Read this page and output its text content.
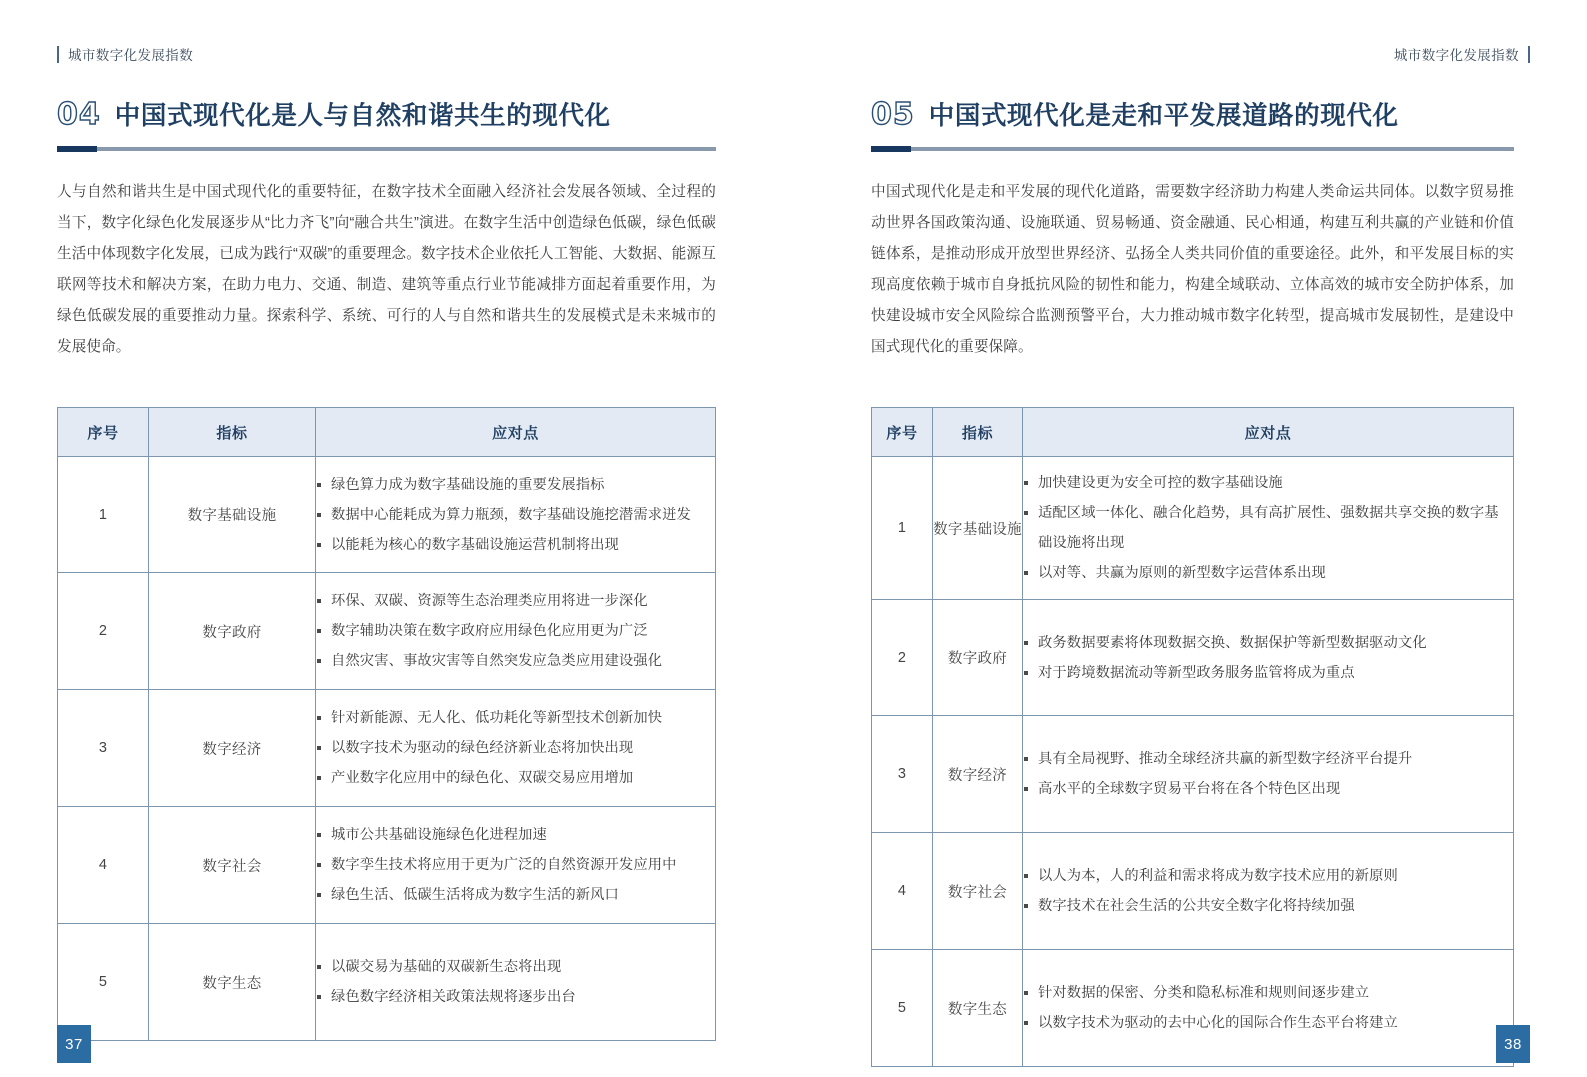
城市数字化发展指数	城市数字化发展指数
04 中国式现代化是人与自然和谐共生的现代化

人与自然和谐共生是中国式现代化的重要特征，在数字技术全面融入经济社会发展各领域、全过程的当下，数字化绿色化发展逐步从“比力齐飞”向“融合共生”演进。在数字生活中创造绿色低碳，绿色低碳生活中体现数字化发展，已成为践行“双碳”的重要理念。数字技术企业依托人工智能、大数据、能源互联网等技术和解决方案，在助力电力、交通、制造、建筑等重点行业节能减排方面起着重要作用，为绿色低碳发展的重要推动力量。探索科学、系统、可行的人与自然和谐共生的发展模式是未来城市的发展使命。

序号	指标	应对点
1	数字基础设施	
绿色算力成为数字基础设施的重要发展指标
数据中心能耗成为算力瓶颈，数字基础设施挖潜需求迸发
以能耗为核心的数字基础设施运营机制将出现

2	数字政府	
环保、双碳、资源等生态治理类应用将进一步深化
数字辅助决策在数字政府应用绿色化应用更为广泛
自然灾害、事故灾害等自然突发应急类应用建设强化

3	数字经济	
针对新能源、无人化、低功耗化等新型技术创新加快
以数字技术为驱动的绿色经济新业态将加快出现
产业数字化应用中的绿色化、双碳交易应用增加

4	数字社会	
城市公共基础设施绿色化进程加速
数字孪生技术将应用于更为广泛的自然资源开发应用中
绿色生活、低碳生活将成为数字生活的新风口

5	数字生态	
以碳交易为基础的双碳新生态将出现
绿色数字经济相关政策法规将逐步出台
05 中国式现代化是走和平发展道路的现代化

中国式现代化是走和平发展的现代化道路，需要数字经济助力构建人类命运共同体。以数字贸易推动世界各国政策沟通、设施联通、贸易畅通、资金融通、民心相通，构建互利共赢的产业链和价值链体系，是推动形成开放型世界经济、弘扬全人类共同价值的重要途径。此外，和平发展目标的实现高度依赖于城市自身抵抗风险的韧性和能力，构建全域联动、立体高效的城市安全防护体系，加快建设城市安全风险综合监测预警平台，大力推动城市数字化转型，提高城市发展韧性，是建设中国式现代化的重要保障。

序号	指标	应对点
1	数字基础设施	
加快建设更为安全可控的数字基础设施
适配区域一体化、融合化趋势，具有高扩展性、强数据共享交换的数字基础设施将出现
以对等、共赢为原则的新型数字运营体系出现

2	数字政府	
政务数据要素将体现数据交换、数据保护等新型数据驱动文化
对于跨境数据流动等新型政务服务监管将成为重点

3	数字经济	
具有全局视野、推动全球经济共赢的新型数字经济平台提升
高水平的全球数字贸易平台将在各个特色区出现

4	数字社会	
以人为本，人的利益和需求将成为数字技术应用的新原则
数字技术在社会生活的公共安全数字化将持续加强

5	数字生态	
针对数据的保密、分类和隐私标准和规则间逐步建立
以数字技术为驱动的去中心化的国际合作生态平台将建立
37	38
